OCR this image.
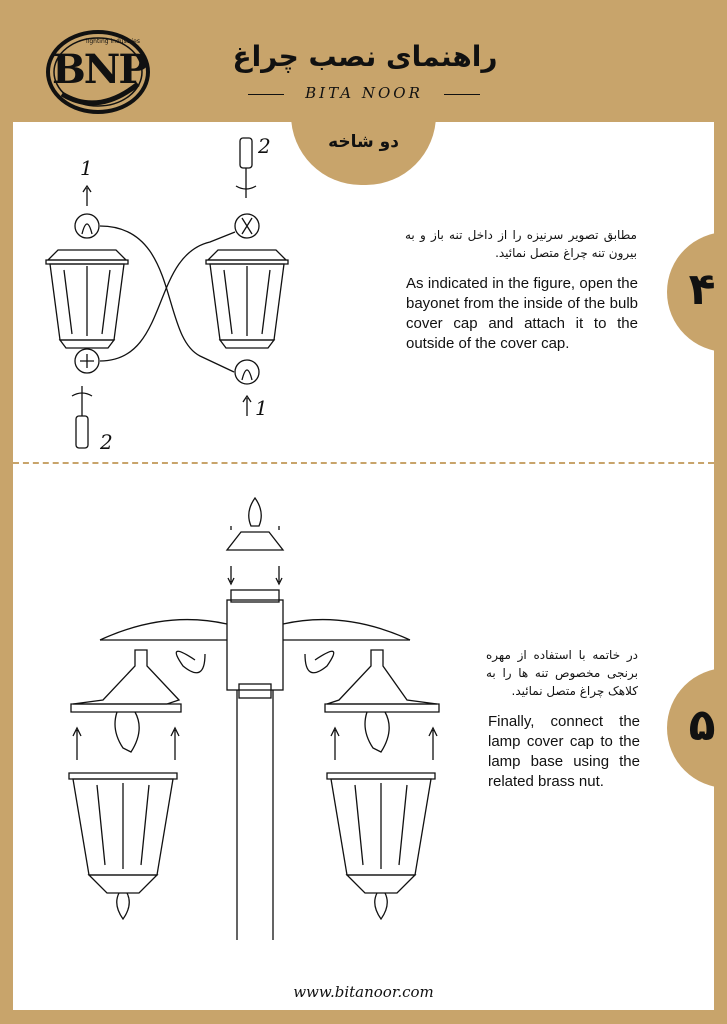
دو شاخه
BNP
lighting industries	راهنمای نصب چراغ
BITA NOOR
1
2
2
1
مطابق تصویر سرنیزه را از داخل تنه باز و به بیرون تنه چراغ متصل نمائید.
As indicated in the figure, open the bayonet from the inside of the bulb cover cap and attach it to the outside of the cover cap.
۴
در خاتمه با استفاده از مهره برنجی مخصوص تنه ها را به کلاهک چراغ متصل نمائید.
Finally, connect the lamp cover cap to the lamp base using the related brass nut.
۵
www.bitanoor.com
